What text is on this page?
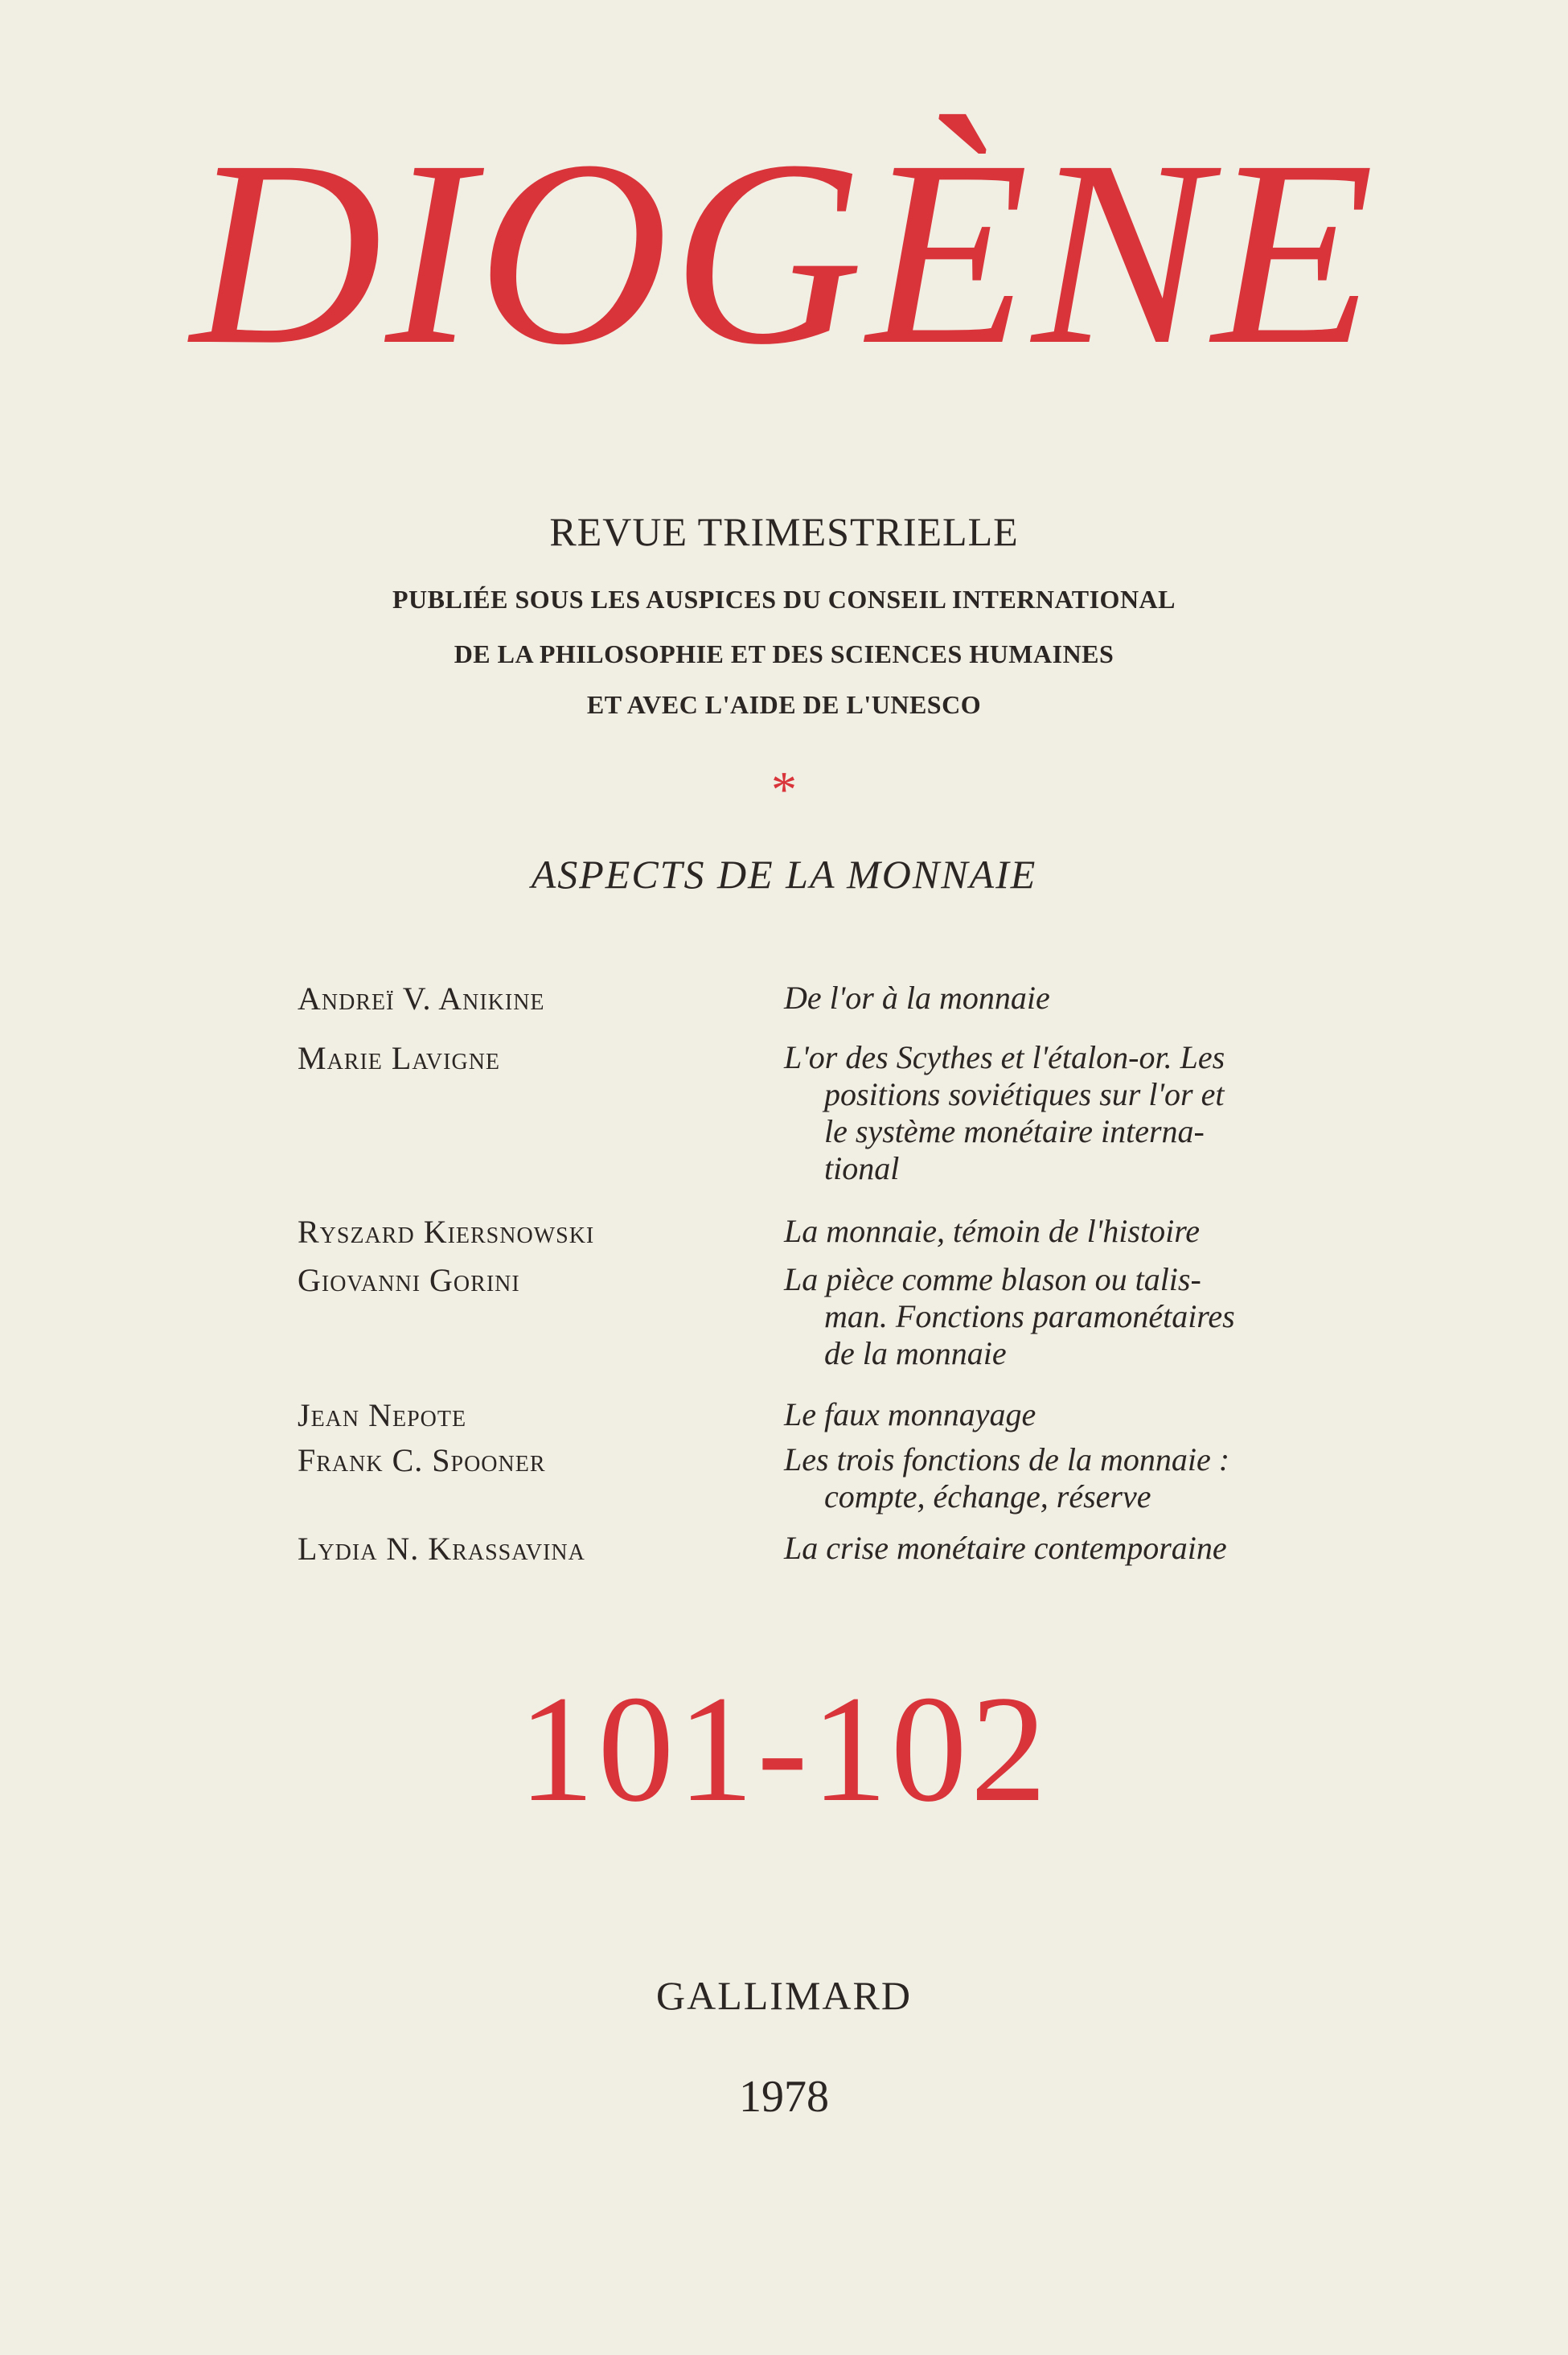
DIOGÈNE
REVUE TRIMESTRIELLE
PUBLIÉE SOUS LES AUSPICES DU CONSEIL INTERNATIONAL
DE LA PHILOSOPHIE ET DES SCIENCES HUMAINES
ET AVEC L'AIDE DE L'UNESCO
*
ASPECTS DE LA MONNAIE
Andreï V. Anikine	De l'or à la monnaie
Marie Lavigne	L'or des Scythes et l'étalon-or. Les
positions soviétiques sur l'or et
le système monétaire interna-
tional
Ryszard Kiersnowski	La monnaie, témoin de l'histoire
Giovanni Gorini	La pièce comme blason ou talis-
man. Fonctions paramonétaires
de la monnaie
Jean Nepote	Le faux monnayage
Frank C. Spooner	Les trois fonctions de la monnaie :
compte, échange, réserve
Lydia N. Krassavina	La crise monétaire contemporaine
101-102
GALLIMARD
1978
